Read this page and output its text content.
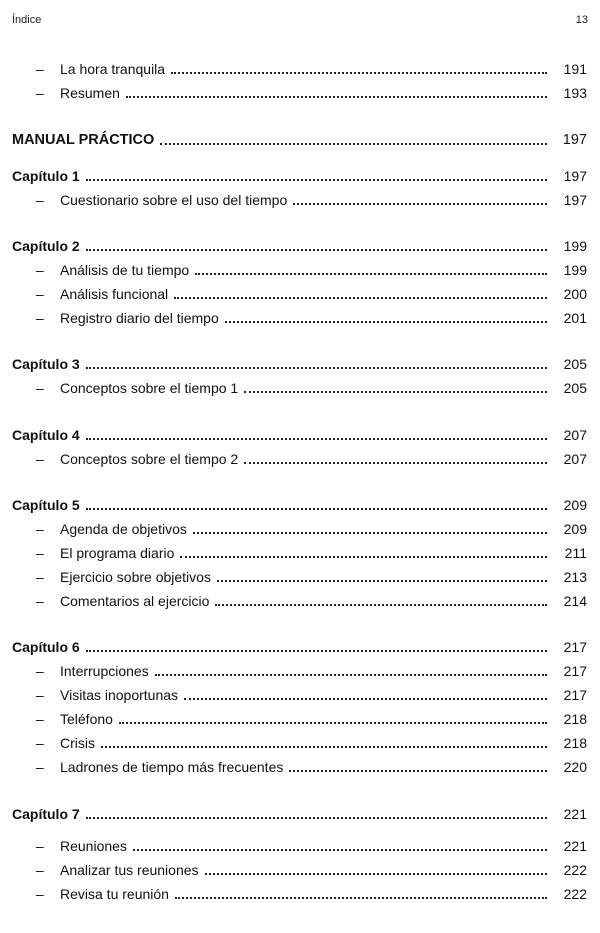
Índice	13
–	La hora tranquila	191
–	Resumen	193
MANUAL PRÁCTICO	197
Capítulo 1	197
–	Cuestionario sobre el uso del tiempo	197
Capítulo 2	199
–	Análisis de tu tiempo	199
–	Análisis funcional	200
–	Registro diario del tiempo	201
Capítulo 3	205
–	Conceptos sobre el tiempo 1	205
Capítulo 4	207
–	Conceptos sobre el tiempo 2	207
Capítulo 5	209
–	Agenda de objetivos	209
–	El programa diario	211
–	Ejercicio sobre objetivos	213
–	Comentarios al ejercicio	214
Capítulo 6	217
–	Interrupciones	217
–	Visitas inoportunas	217
–	Teléfono	218
–	Crisis	218
–	Ladrones de tiempo más frecuentes	220
Capítulo 7	221
–	Reuniones	221
–	Analizar tus reuniones	222
–	Revisa tu reunión	222
